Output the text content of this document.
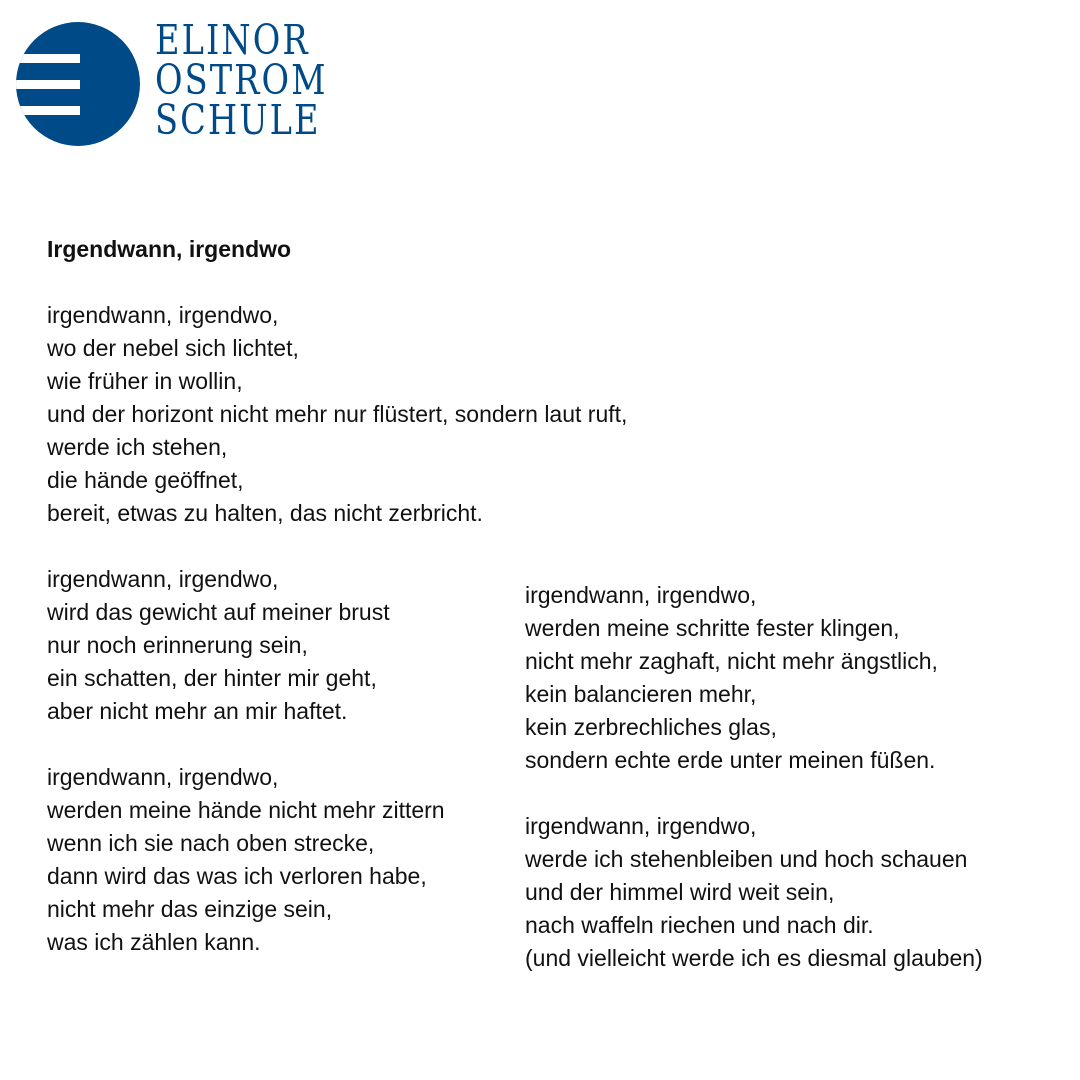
ELINOR
OSTROM
SCHULE
Irgendwann, irgendwo
irgendwann, irgendwo,
wo der nebel sich lichtet,
wie früher in wollin,
und der horizont nicht mehr nur flüstert, sondern laut ruft,
werde ich stehen,
die hände geöffnet,
bereit, etwas zu halten, das nicht zerbricht.
irgendwann, irgendwo,
wird das gewicht auf meiner brust
nur noch erinnerung sein,
ein schatten, der hinter mir geht,
aber nicht mehr an mir haftet.
irgendwann, irgendwo,
werden meine hände nicht mehr zittern
wenn ich sie nach oben strecke,
dann wird das was ich verloren habe,
nicht mehr das einzige sein,
was ich zählen kann.
irgendwann, irgendwo,
werden meine schritte fester klingen,
nicht mehr zaghaft, nicht mehr ängstlich,
kein balancieren mehr,
kein zerbrechliches glas,
sondern echte erde unter meinen füßen.
irgendwann, irgendwo,
werde ich stehenbleiben und hoch schauen
und der himmel wird weit sein,
nach waffeln riechen und nach dir.
(und vielleicht werde ich es diesmal glauben)
